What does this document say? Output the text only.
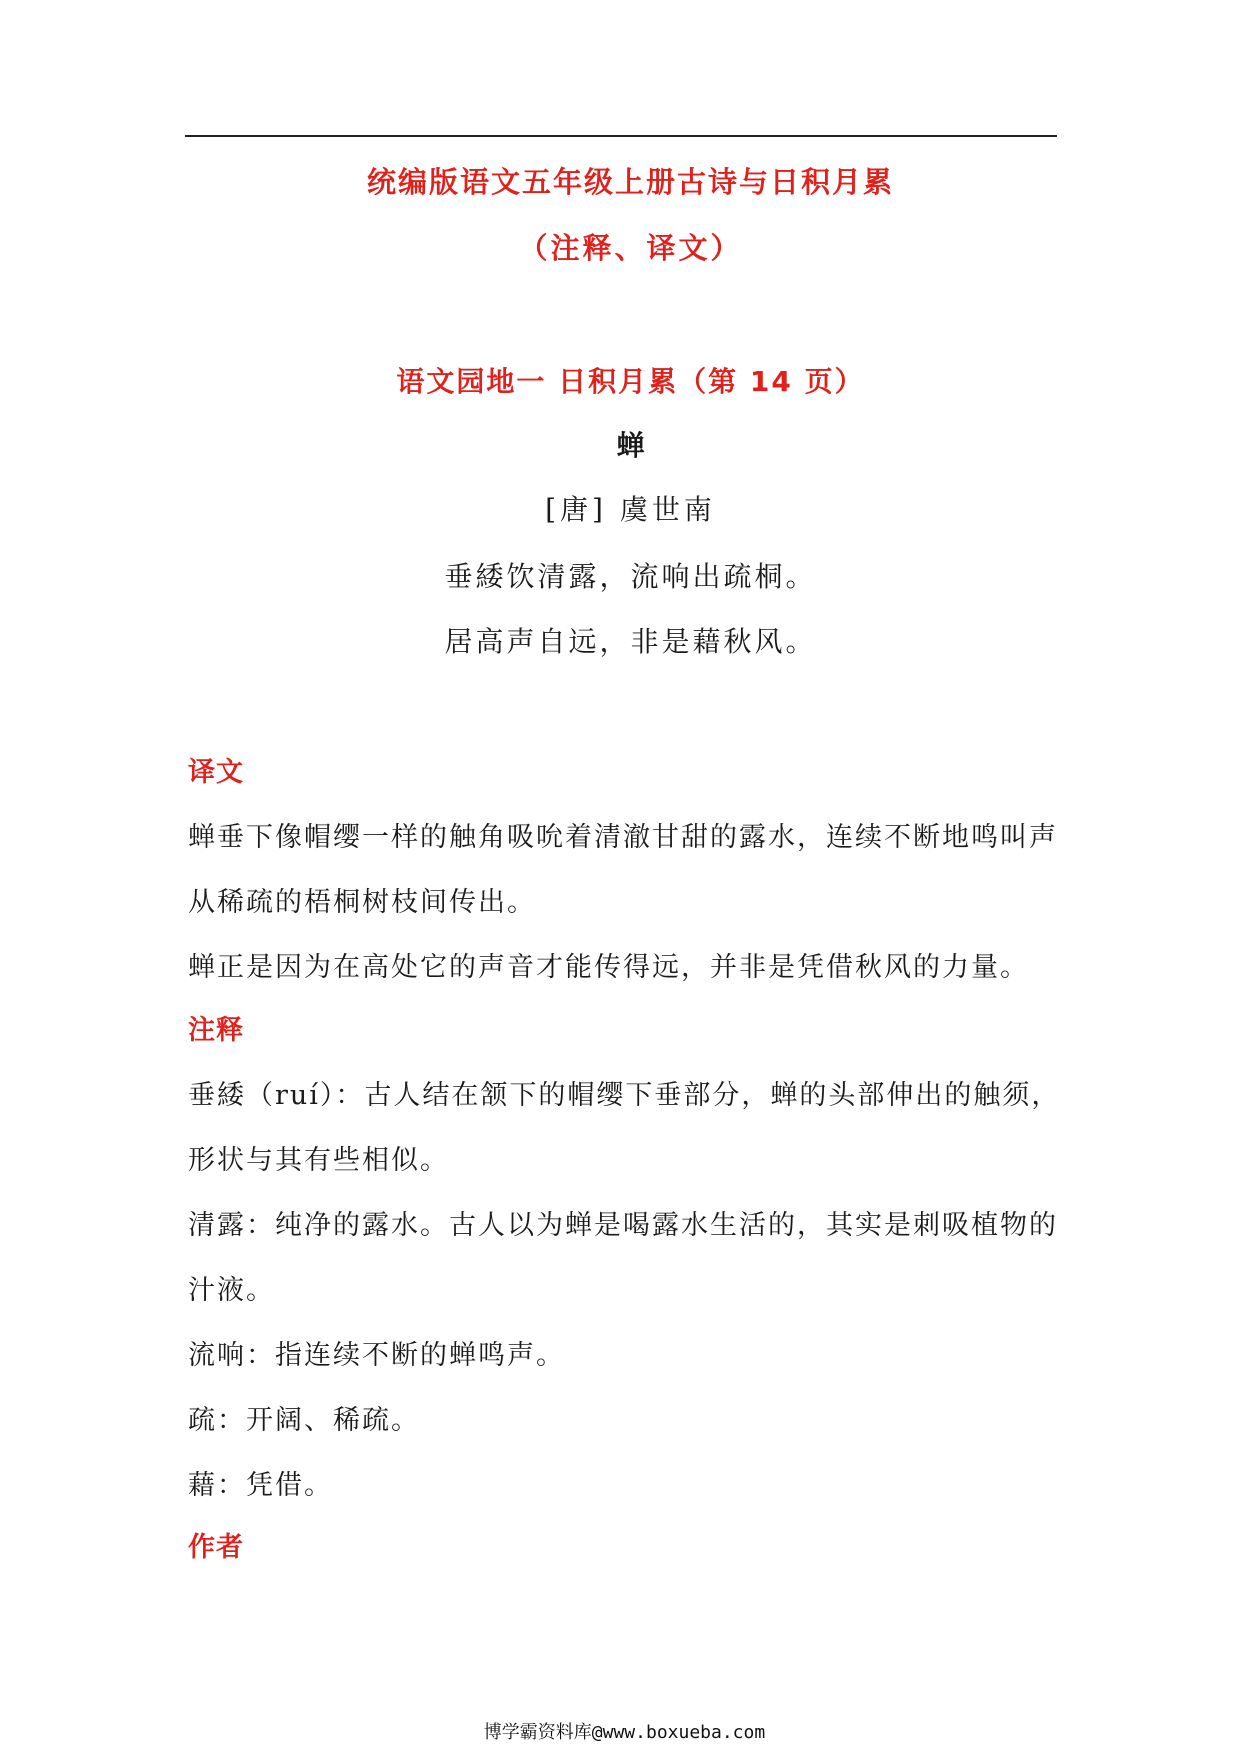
统编版语文五年级上册古诗与日积月累
（注释、译文）
语文园地一 日积月累（第 14 页）
蝉
[唐] 虞世南
垂緌饮清露，流响出疏桐。
居高声自远，非是藉秋风。
译文
蝉垂下像帽缨一样的触角吸吮着清澈甘甜的露水，连续不断地鸣叫声
从稀疏的梧桐树枝间传出。
蝉正是因为在高处它的声音才能传得远，并非是凭借秋风的力量。
注释
垂緌（ruí）：古人结在颔下的帽缨下垂部分，蝉的头部伸出的触须，
形状与其有些相似。
清露：纯净的露水。古人以为蝉是喝露水生活的，其实是刺吸植物的
汁液。
流响：指连续不断的蝉鸣声。
疏：开阔、稀疏。
藉：凭借。
作者
博学霸资料库@www.boxueba.com
